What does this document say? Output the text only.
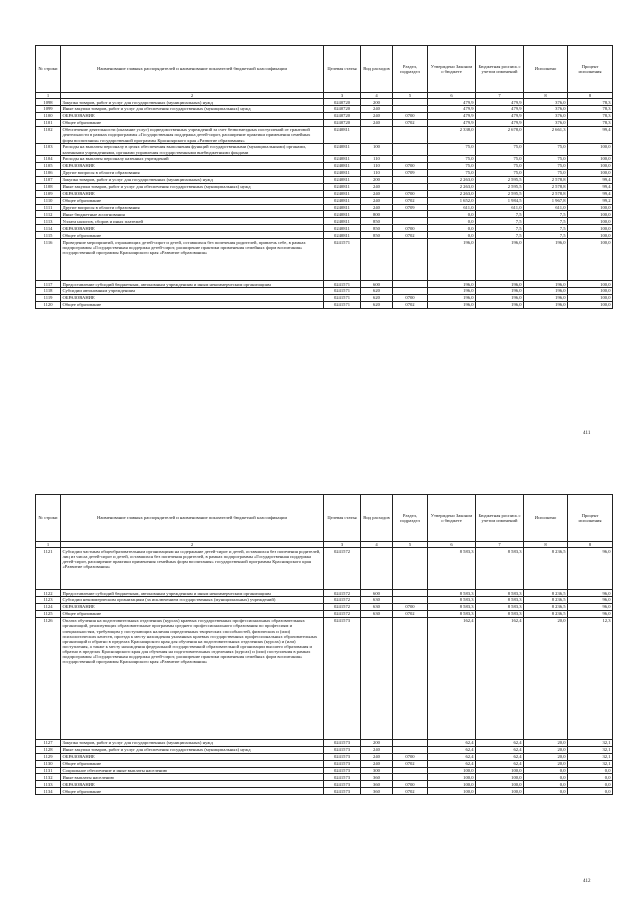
№ строки	Наименование главных распорядителей и наименование показателей бюджетной классификации	Целевая статья	Вид расходов	Раздел, подраздел	Утверждено Законом о бюджете	Бюджетная роспись с учетом изменений	Исполнено	Процент исполнения
1	2	3	4	5	6	7	8	8
1098	Закупка товаров, работ и услуг для государственных (муниципальных) нужд	0240720	200		479,9	479,9	376,0	78,3
1099	Иные закупки товаров, работ и услуг для обеспечения государственных (муниципальных) нужд	0240720	240		479,9	479,9	376,0	78,3
1100	ОБРАЗОВАНИЕ	0240720	240	0700	479,9	479,9	376,0	78,3
1101	Общее образование	0240720	240	0702	479,9	479,9	376,0	78,3
1102	Обеспечение деятельности (оказание услуг) подведомственных учреждений за счет безвозмездных поступлений от грантовой деятельности в рамках подпрограммы «Государственная поддержка детей-сирот, расширение практики применения семейных форм воспитания» государственной программы Красноярского края «Развитие образования»	0240811			2 338,0	2 678,0	2 661,3	99,4
1103	Расходы на выплаты персоналу в целях обеспечения выполнения функций государственными (муниципальными) органами, казенными учреждениями, органами управления государственными внебюджетными фондами	0240811	100		75,0	75,0	75,0	100,0
1104	Расходы на выплаты персоналу казенных учреждений	0240811	110		75,0	75,0	75,0	100,0
1105	ОБРАЗОВАНИЕ	0240811	110	0700	75,0	75,0	75,0	100,0
1106	Другие вопросы в области образования	0240811	110	0709	75,0	75,0	75,0	100,0
1107	Закупка товаров, работ и услуг для государственных (муниципальных) нужд	0240811	200		2 263,0	2 595,5	2 578,8	99,4
1108	Иные закупки товаров, работ и услуг для обеспечения государственных (муниципальных) нужд	0240811	240		2 263,0	2 595,5	2 578,8	99,4
1109	ОБРАЗОВАНИЕ	0240811	240	0700	2 263,0	2 595,5	2 578,8	99,4
1110	Общее образование	0240811	240	0702	1 652,0	1 984,5	1 967,8	99,2
1111	Другие вопросы в области образования	0240811	240	0709	611,0	611,0	611,0	100,0
1112	Иные бюджетные ассигнования	0240811	800		0,0	7,5	7,5	100,0
1113	Уплата налогов, сборов и иных платежей	0240811	850		0,0	7,5	7,5	100,0
1114	ОБРАЗОВАНИЕ	0240811	850	0700	0,0	7,5	7,5	100,0
1115	Общее образование	0240811	850	0702	0,0	7,5	7,5	100,0
1116	Проведение мероприятий, отражающих детей-сирот и детей, оставшихся без попечения родителей, привлечь себе, в рамках подпрограммы «Государственная поддержка детей-сирот, расширение практики применения семейных форм воспитания» государственной программы Красноярского края «Развитие образования»	0241571			196,0	196,0	196,0	100,0
1117	Предоставление субсидий бюджетным, автономным учреждениям и иным некоммерческим организациям	0241571	600		196,0	196,0	196,0	100,0
1118	Субсидии автономным учреждениям	0241571	620		196,0	196,0	196,0	100,0
1119	ОБРАЗОВАНИЕ	0241571	620	0700	196,0	196,0	196,0	100,0
1120	Общее образование	0241571	620	0702	196,0	196,0	196,0	100,0
411
№ строки	Наименование главных распорядителей и наименование показателей бюджетной классификации	Целевая статья	Вид расходов	Раздел, подраздел	Утверждено Законом о бюджете	Бюджетная роспись с учетом изменений	Исполнено	Процент исполнения
1	2	3	4	5	6	7	8	8
1121	Субсидии частным общеобразовательным организациям на содержание детей-сирот и детей, оставшихся без попечения родителей, лиц из числа детей-сирот и детей, оставшихся без попечения родителей, в рамках подпрограммы «Государственная поддержка детей-сирот, расширение практики применения семейных форм воспитания» государственной программы Красноярского края «Развитие образования»	0241572			8 583,3	8 583,3	8 236,5	96,0
1122	Предоставление субсидий бюджетным, автономным учреждениям и иным некоммерческим организациям	0241572	600		8 583,3	8 583,3	8 236,5	96,0
1123	Субсидии некоммерческим организациям (за исключением государственных (муниципальных) учреждений)	0241572	630		8 583,3	8 583,3	8 236,5	96,0
1124	ОБРАЗОВАНИЕ	0241572	630	0700	8 583,3	8 583,3	8 236,5	96,0
1125	Общее образование	0241572	630	0702	8 583,3	8 583,3	8 236,5	96,0
1126	Оплата обучения на подготовительных отделениях (курсах) краевых государственных профессиональных образовательных организаций, реализующих образовательные программы среднего профессионального образования по профессиям и специальностям, требующим у поступающих наличия определенных творческих способностей, физических и (или) психологических качеств, проезда к месту нахождения указанных краевых государственных профессиональных образовательных организаций и обратно в пределах Красноярского края для обучения на подготовительных отделениях (курсах) и (или) поступления, а также к месту нахождения федеральной государственной образовательной организации высшего образования и обратно в пределах Красноярского края для обучения на подготовительных отделениях (курсах) и (или) поступления в рамках подпрограммы «Государственная поддержка детей-сирот, расширение практики применения семейных форм воспитания» государственной программы Красноярского края «Развитие образования»	0241573			162,4	162,4	20,0	12,3
1127	Закупка товаров, работ и услуг для государственных (муниципальных) нужд	0241573	200		62,4	62,4	20,0	32,1
1128	Иные закупки товаров, работ и услуг для обеспечения государственных (муниципальных) нужд	0241573	240		62,4	62,4	20,0	32,1
1129	ОБРАЗОВАНИЕ	0241573	240	0700	62,4	62,4	20,0	32,1
1130	Общее образование	0241573	240	0702	62,4	62,4	20,0	32,1
1131	Социальное обеспечение и иные выплаты населению	0241573	300		100,0	100,0	0,0	0,0
1132	Иные выплаты населению	0241573	360		100,0	100,0	0,0	0,0
1133	ОБРАЗОВАНИЕ	0241573	360	0700	100,0	100,0	0,0	0,0
1134	Общее образование	0241573	360	0702	100,0	100,0	0,0	0,0
412
